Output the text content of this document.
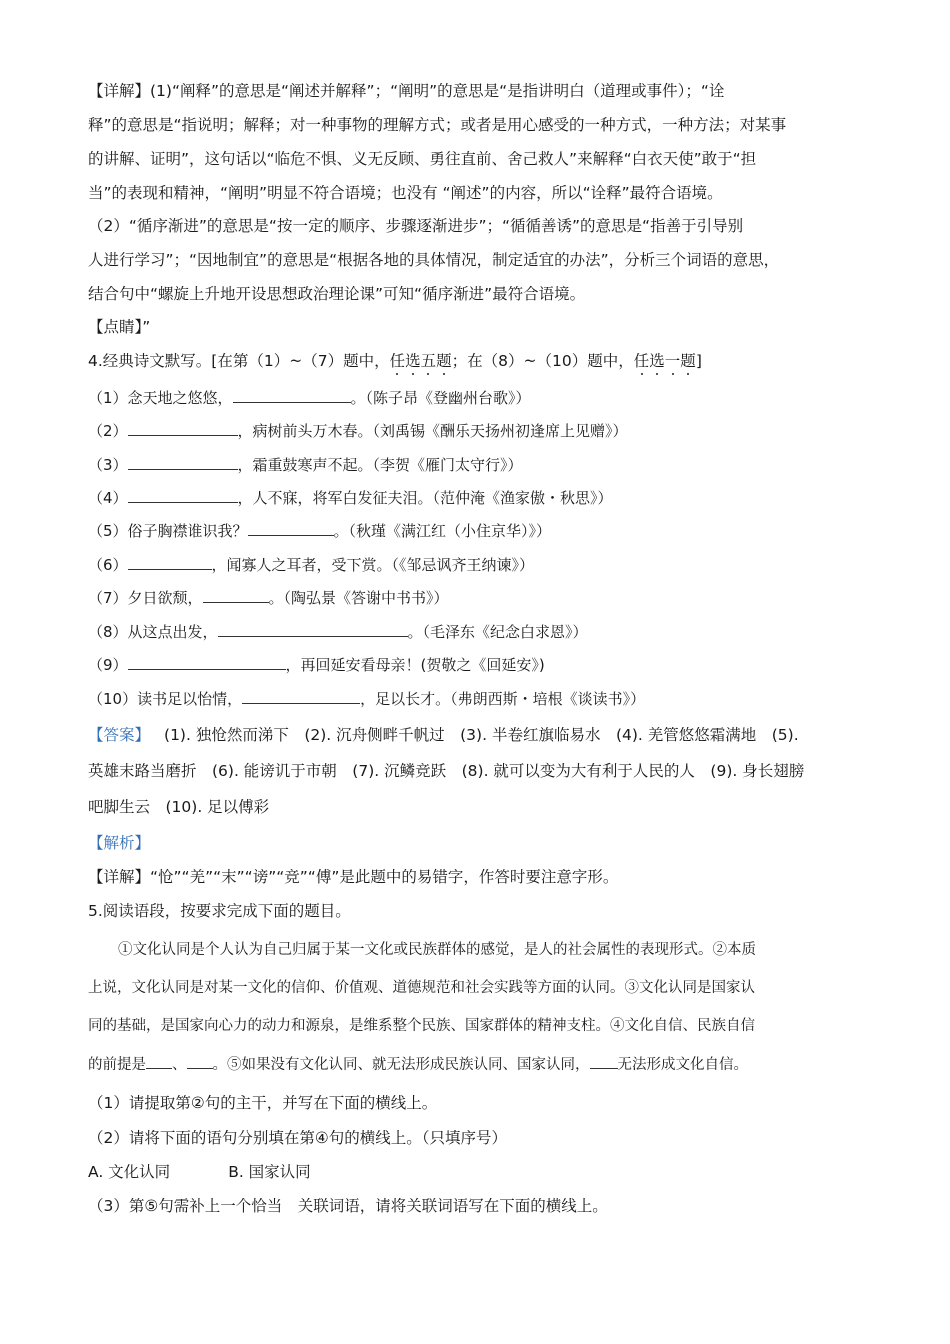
【详解】(1)“阐释”的意思是“阐述并解释”；“阐明”的意思是“是指讲明白（道理或事件）；“诠
释”的意思是“指说明；解释；对一种事物的理解方式；或者是用心感受的一种方式，一种方法；对某事
的讲解、证明”，这句话以“临危不惧、义无反顾、勇往直前、舍己救人”来解释“白衣天使”敢于“担
当”的表现和精神，“阐明”明显不符合语境；也没有 “阐述”的内容，所以“诠释”最符合语境。
（2）“循序渐进”的意思是“按一定的顺序、步骤逐渐进步”；“循循善诱”的意思是“指善于引导别
人进行学习”；“因地制宜”的意思是“根据各地的具体情况，制定适宜的办法”，分析三个词语的意思，
结合句中“螺旋上升地开设思想政治理论课”可知“循序渐进”最符合语境。
【点睛】”
4.经典诗文默写。[在第（1）~（7）题中，任选五题；在（8）~（10）题中，任选一题]
（1）念天地之悠悠，	。（陈子昂《登幽州台歌》）
（2）	，病树前头万木春。（刘禹锡《酬乐天扬州初逢席上见赠》）
（3）	，霜重鼓寒声不起。（李贺《雁门太守行》）
（4）	，人不寐，将军白发征夫泪。（范仲淹《渔家傲・秋思》）
（5）俗子胸襟谁识我？	。（秋瑾《满江红（小住京华）》）
（6）	，闻寡人之耳者，受下赏。（《邹忌讽齐王纳谏》）
（7）夕日欲颓，	。（陶弘景《答谢中书书》）
（8）从这点出发，	。（毛泽东《纪念白求恩》）
（9）	，再回延安看母亲！(贺敬之《回延安》)
（10）读书足以怡情，	，足以长才。（弗朗西斯・培根《谈读书》）
【答案】 (1). 独怆然而涕下　(2). 沉舟侧畔千帆过　(3). 半卷红旗临易水　(4). 羌管悠悠霜满地　(5).
英雄末路当磨折　(6). 能谤讥于市朝　(7). 沉鳞竞跃　(8). 就可以变为大有利于人民的人　(9). 身长翅膀
吧脚生云　(10). 足以傅彩
【解析】
【详解】“怆”“羌”“末”“谤”“竞”“傅”是此题中的易错字，作答时要注意字形。
5.阅读语段，按要求完成下面的题目。
①文化认同是个人认为自己归属于某一文化或民族群体的感觉，是人的社会属性的表现形式。②本质
上说，文化认同是对某一文化的信仰、价值观、道德规范和社会实践等方面的认同。③文化认同是国家认
同的基础，是国家向心力的动力和源泉，是维系整个民族、国家群体的精神支柱。④文化自信、民族自信
的前提是 、 。⑤如果没有文化认同、就无法形成民族认同、国家认同， 无法形成文化自信。
（1）请提取第②句的主干，并写在下面的横线上。
（2）请将下面的语句分别填在第④句的横线上。（只填序号）
A. 文化认同	B. 国家认同
（3）第⑤句需补上一个恰当　关联词语，请将关联词语写在下面的横线上。
